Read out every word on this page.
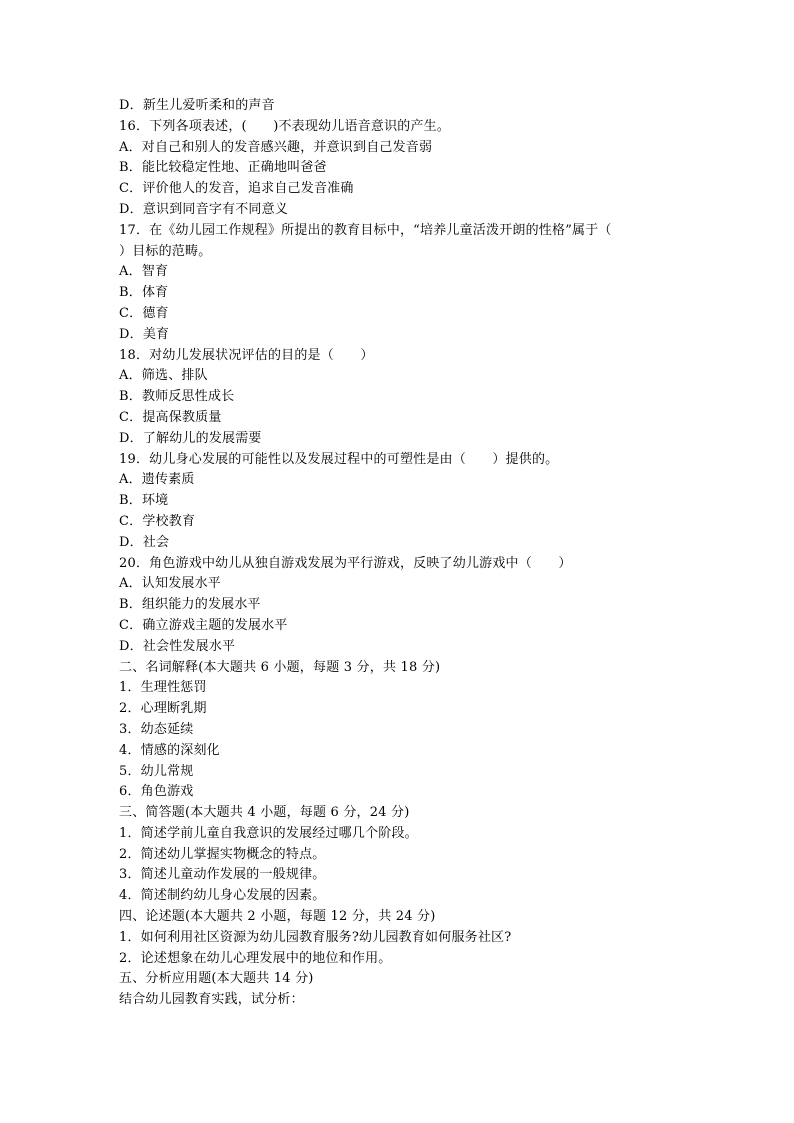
D．新生儿爱听柔和的声音
16．下列各项表述，(　　)不表现幼儿语音意识的产生。
A．对自己和别人的发音感兴趣，并意识到自己发音弱
B．能比较稳定性地、正确地叫爸爸
C．评价他人的发音，追求自己发音准确
D．意识到同音字有不同意义
17．在《幼儿园工作规程》所提出的教育目标中，“培养儿童活泼开朗的性格”属于（
）目标的范畴。
A．智育
B．体育
C．德育
D．美育
18．对幼儿发展状况评估的目的是（　　）
A．筛选、排队
B．教师反思性成长
C．提高保教质量
D．了解幼儿的发展需要
19．幼儿身心发展的可能性以及发展过程中的可塑性是由（　　）提供的。
A．遗传素质
B．环境
C．学校教育
D．社会
20．角色游戏中幼儿从独自游戏发展为平行游戏，反映了幼儿游戏中（　　）
A．认知发展水平
B．组织能力的发展水平
C．确立游戏主题的发展水平
D．社会性发展水平
二、名词解释(本大题共 6 小题，每题 3 分，共 18 分)
1．生理性惩罚
2．心理断乳期
3．幼态延续
4．情感的深刻化
5．幼儿常规
6．角色游戏
三、简答题(本大题共 4 小题，每题 6 分，24 分)
1．简述学前儿童自我意识的发展经过哪几个阶段。
2．简述幼儿掌握实物概念的特点。
3．简述儿童动作发展的一般规律。
4．简述制约幼儿身心发展的因素。
四、论述题(本大题共 2 小题，每题 12 分，共 24 分)
1．如何利用社区资源为幼儿园教育服务?幼儿园教育如何服务社区?
2．论述想象在幼儿心理发展中的地位和作用。
五、分析应用题(本大题共 14 分)
结合幼儿园教育实践，试分析：
